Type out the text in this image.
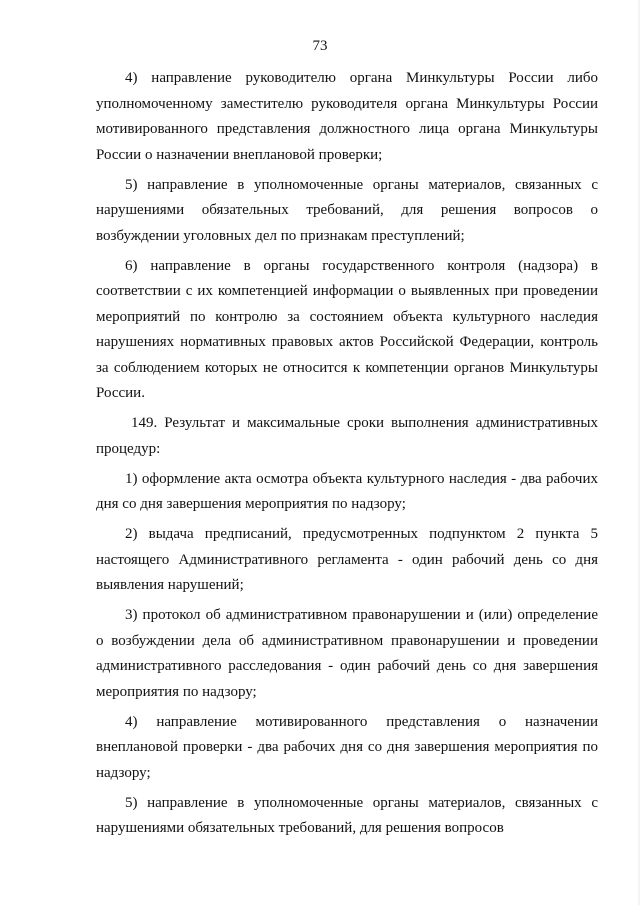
73

4) направление руководителю органа Минкультуры России либо уполномоченному заместителю руководителя органа Минкультуры России мотивированного представления должностного лица органа Минкультуры России о назначении внеплановой проверки;

5) направление в уполномоченные органы материалов, связанных с нарушениями обязательных требований, для решения вопросов о возбуждении уголовных дел по признакам преступлений;

6) направление в органы государственного контроля (надзора) в соответствии с их компетенцией информации о выявленных при проведении мероприятий по контролю за состоянием объекта культурного наследия нарушениях нормативных правовых актов Российской Федерации, контроль за соблюдением которых не относится к компетенции органов Минкультуры России.

149. Результат и максимальные сроки выполнения административных процедур:

1) оформление акта осмотра объекта культурного наследия - два рабочих дня со дня завершения мероприятия по надзору;

2) выдача предписаний, предусмотренных подпунктом 2 пункта 5 настоящего Административного регламента - один рабочий день со дня выявления нарушений;

3) протокол об административном правонарушении и (или) определение о возбуждении дела об административном правонарушении и проведении административного расследования - один рабочий день со дня завершения мероприятия по надзору;

4) направление мотивированного представления о назначении внеплановой проверки - два рабочих дня со дня завершения мероприятия по надзору;

5) направление в уполномоченные органы материалов, связанных с нарушениями обязательных требований, для решения вопросов
